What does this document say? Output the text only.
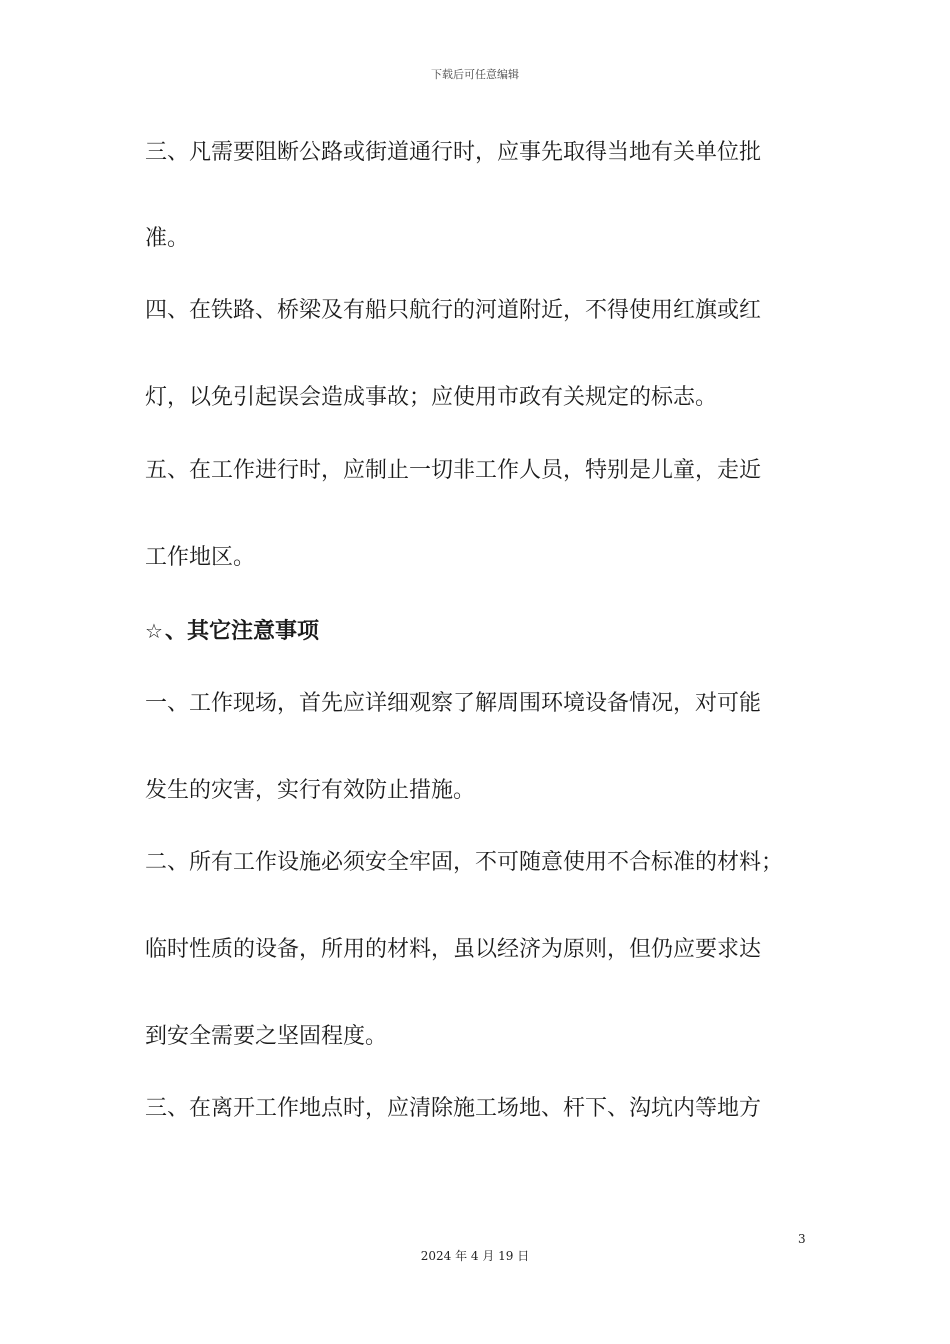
下载后可任意编辑
三、凡需要阻断公路或街道通行时，应事先取得当地有关单位批
准。
四、在铁路、桥梁及有船只航行的河道附近，不得使用红旗或红
灯，以免引起误会造成事故；应使用市政有关规定的标志。
五、在工作进行时，应制止一切非工作人员，特别是儿童，走近
工作地区。
☆、其它注意事项
一、工作现场，首先应详细观察了解周围环境设备情况，对可能
发生的灾害，实行有效防止措施。
二、所有工作设施必须安全牢固，不可随意使用不合标准的材料；
临时性质的设备，所用的材料，虽以经济为原则，但仍应要求达
到安全需要之坚固程度。
三、在离开工作地点时，应清除施工场地、杆下、沟坑内等地方
3
2024 年 4 月 19 日
